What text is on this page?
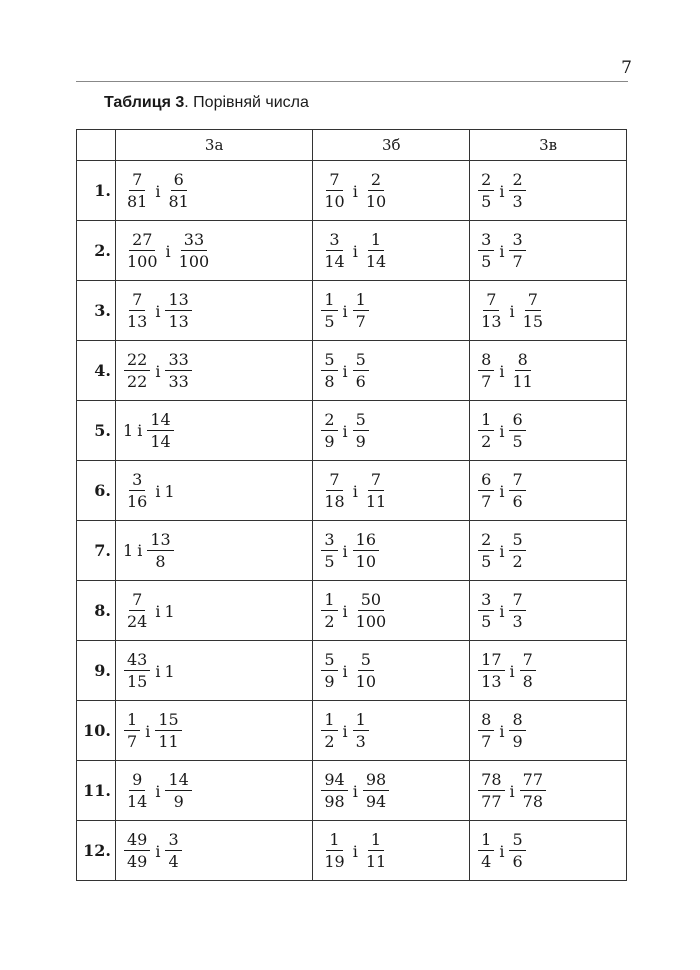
7
Таблиця 3. Порівняй числа
	3а	3б	3в
1.	$\frac{7}{81}$ і $\frac{6}{81}$	$\frac{7}{10}$ і $\frac{2}{10}$	$\frac{2}{5}$ і $\frac{2}{3}$

2.	$\frac{27}{100}$ і $\frac{33}{100}$	$\frac{3}{14}$ і $\frac{1}{14}$	$\frac{3}{5}$ і $\frac{3}{7}$

3.	$\frac{7}{13}$ і $\frac{13}{13}$	$\frac{1}{5}$ і $\frac{1}{7}$	$\frac{7}{13}$ і $\frac{7}{15}$

4.	$\frac{22}{22}$ і $\frac{33}{33}$	$\frac{5}{8}$ і $\frac{5}{6}$	$\frac{8}{7}$ і $\frac{8}{11}$

5.	1 і $\frac{14}{14}$	$\frac{2}{9}$ і $\frac{5}{9}$	$\frac{1}{2}$ і $\frac{6}{5}$

6.	$\frac{3}{16}$ і 1	$\frac{7}{18}$ і $\frac{7}{11}$	$\frac{6}{7}$ і $\frac{7}{6}$

7.	1 і $\frac{13}{8}$	$\frac{3}{5}$ і $\frac{16}{10}$	$\frac{2}{5}$ і $\frac{5}{2}$

8.	$\frac{7}{24}$ і 1	$\frac{1}{2}$ і $\frac{50}{100}$	$\frac{3}{5}$ і $\frac{7}{3}$

9.	$\frac{43}{15}$ і 1	$\frac{5}{9}$ і $\frac{5}{10}$	$\frac{17}{13}$ і $\frac{7}{8}$

10.	$\frac{1}{7}$ і $\frac{15}{11}$	$\frac{1}{2}$ і $\frac{1}{3}$	$\frac{8}{7}$ і $\frac{8}{9}$

11.	$\frac{9}{14}$ і $\frac{14}{9}$	$\frac{94}{98}$ і $\frac{98}{94}$	$\frac{78}{77}$ і $\frac{77}{78}$

12.	$\frac{49}{49}$ і $\frac{3}{4}$	$\frac{1}{19}$ і $\frac{1}{11}$	$\frac{1}{4}$ і $\frac{5}{6}$
